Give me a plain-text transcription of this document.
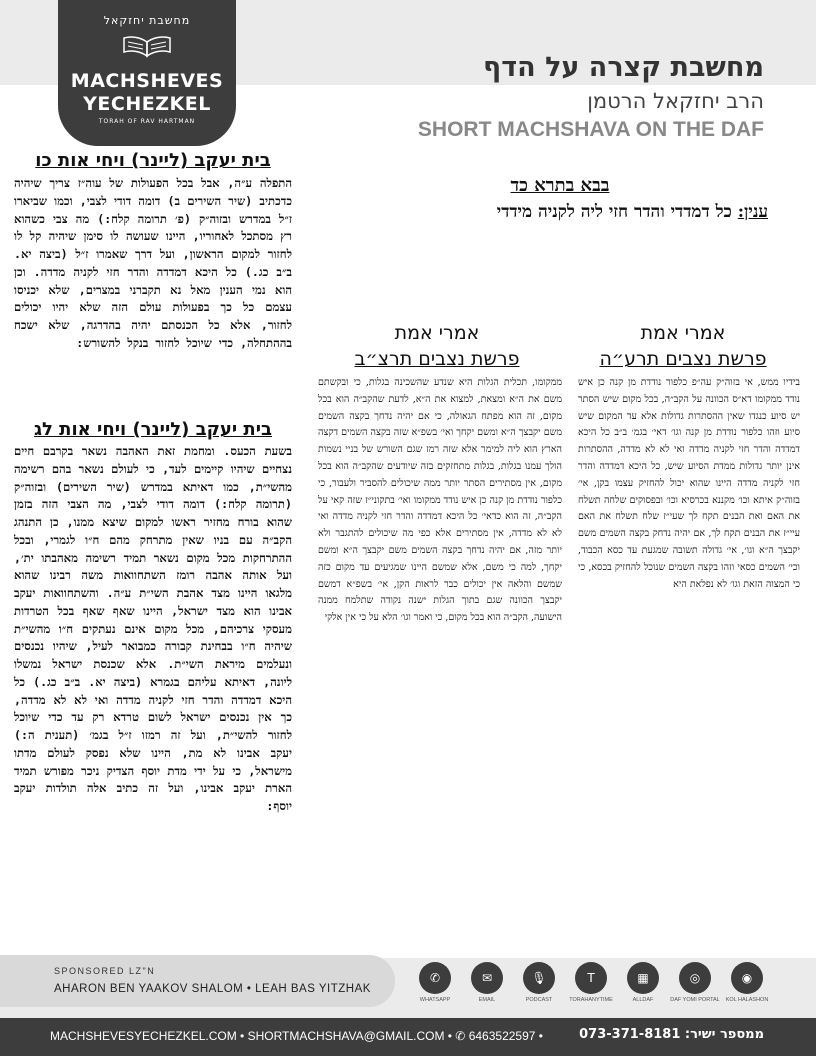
מחשבת יחזקאל
MACHSHEVES
YECHEZKEL
TORAH OF RAV HARTMAN
מחשבת קצרה על הדף
הרב יחזקאל הרטמן
SHORT MACHSHAVA ON THE DAF
בית יעקב (ליינר) ויחי אות כו

התפלה ע״ה, אבל בכל הפעולות של עוה״ז צריך שיהיה כדכתיב (שיר השירים ב) דומה דודי לצבי, וכמו שביארו ז״ל במדרש ובזוה״ק (פ׳ תרומה קלח:) מה צבי כשהוא רץ מסתכל לאחוריו, היינו שעושה לו סימן שיהיה קל לו לחזור למקום הראשון, ועל דרך שאמרו ז״ל (ביצה יא. ב״ב כג.) כל היכא דמדדה והדר חזי לקניה מדדה. וכן הוא נמי הענין מאל נא תקברני במצרים, שלא יכניסו עצמם כל כך בפעולות עולם הזה שלא יהיו יכולים לחזור, אלא כל הכנסתם יהיה בהדרגה, שלא ישכח בההתחלה, כדי שיוכל לחזור בנקל להשורש:

בית יעקב (ליינר) ויחי אות לג

בשעת הכעס. ומחמת זאת האהבה נשאר בקרבם חיים נצחיים שיהיו קיימים לעד, כי לעולם נשאר בהם רשימה מהשי״ת, כמו דאיתא במדרש (שיר השירים) ובזוה״ק (תרומה קלח:) דומה דודי לצבי, מה הצבי הזה בזמן שהוא בורח מחזיר ראשו למקום שיצא ממנו, כן התנהג הקב״ה עם בניו שאין מתרחק מהם ח״ו לגמרי, ובכל ההתרחקות מכל מקום נשאר תמיד רשימה מאהבתו ית׳, ועל אותה אהבה רומז השתחוואות משה רבינו שהוא מלגאו היינו מצד אהבת השי״ת ע״ה. והשתחוואות יעקב אבינו הוא מצד ישראל, היינו שאף שאף בכל הטרדות מעסקי צרכיהם, מכל מקום אינם נעתקים ח״ו מהשי״ת שיהיה ח״ו בבחינת קבורה כמבואר לעיל, שיהיו נכנסים ונעלמים מיראת השי״ת. אלא שכנסת ישראל נמשלו ליונה, דאיתא עליהם בגמרא (ביצה יא. ב״ב כג.) כל היכא דמדדה והדר חזי לקניה מדדה ואי לא לא מדדה, כך אין נכנסים ישראל לשום טרדא רק עד כדי שיוכל לחזור להשי״ת, ועל זה רמזו ז״ל בגמ׳ (תענית ה:) יעקב אבינו לא מת, היינו שלא נפסק לעולם מדתו מישראל, כי על ידי מדת יוסף הצדיק ניכר מפורש תמיד הארת יעקב אבינו, ועל זה כתיב אלה תולדות יעקב יוסף:

בבא בתרא כד
ענין: כל דמדדי והדר חזי ליה לקניה מידדי
אמרי אמת
פרשת נצבים תרע״ה

בידיו ממש, אי בזוה״ק עה״פ כלפור נודדת מן קנה כן איש נודד ממקומו דא״ס הכוונה על הקב״ה, בכל מקום שיש הסתר יש סיוע כנגדו שאין ההסתרות גדולות אלא עד המקום שיש סיוע וזהו כלפור נודדת מן קנה וגו׳ דאי׳ בגמ׳ ב״ב כל היכא דמדדה והדר חזי לקניה מדדה ואי לא לא מדדה, ההסתרות אינן יותר גדולות ממדת הסיוע שיש, כל היכא דמדדה והדר חזי לקניה מדדה היינו שהוא יכול להחזיק עצמו בקן, אי׳ בזוה״ק איתא וכו׳ מקננא בכרסיא וכו׳ ובפסוקים שלחה תשלח את האם ואת הבנים תקח לך שעי״ז שלח תשלח את האם עיי״ז את הבנים תקח לך, אם יהיה נדחק בקצה השמים משם יקבצך ה״א וגו׳, אי׳ גדולה תשובה שמגעת עד כסא הכבוד, וכי׳ השמים כסאי וזהו בקצה השמים שנוכל להחזיק בכסא, כי כי המצוה הזאת וגו׳ לא נפלאת היא

אמרי אמת
פרשת נצבים תרצ״ב

ממקומו, תכלית הגלות היא שנדע שהשכינה בגלות, כי ובקשתם משם את ה״א ומצאת, למצוא את ה״א, לדעת שהקב״ה הוא בכל מקום, זה הוא מפתח הגאולה, כי אם יהיה נדחך בקצה השמים משם יקבצך ה״א ומשם יקחך ואי׳ בשפ״א שזה בקצה השמים דקצה הארץ הוא ליה למימר אלא שזה רמז שגם השורש של בניי נשמות הולך עמנו בגלות, בגלות מתחזקים בזה שיודעים שהקב״ה הוא בכל מקום, אין מסתירים הסתר יותר ממה שיכולים להסביר ולעבור, כי כלפור נודדת מן קנה כן איש נודד ממקומו ואי׳ בתקוני״ז שזה קאי על הקב״ה, זה הוא כדאי׳ כל היכא דמדדה והדר חזי לקניה מדדה ואי לא לא מדדה, אין מסתירים אלא כפי מה שיכולים להתגבר ולא יותר מזה, אם יהיה נדחך בקצה השמים משם יקבצך ה״א ומשם יקחך, למה כי משם, אלא שמשם היינו שמגיעים עד מקום כזה שמשם והלאה אין יכולים כבר לראות הקן, אי׳ בשפ״א דמשם יקבצך הכוונה שגם בתוך הגלות ישנה נקודה שתלמח ממנה הישועה, הקב״ה הוא בכל מקום, כי ואמר וגו׳ הלא על כי אין אלקי

SPONSORED LZ"N
AHARON BEN YAAKOV SHALOM • LEAH BAS YITZHAK
✆
WHATSAPP
✉
EMAIL
🎙
PODCAST
T
TORAHANYTIME
▦
ALLDAF
◎
DAF YOMI PORTAL
◉
KOL HALASHON
MACHSHEVESYECHEZKEL.COM • SHORTMACHSHAVA@GMAIL.COM • ✆ 6463522597 •	ממספר ישיר: 073-371-8181
